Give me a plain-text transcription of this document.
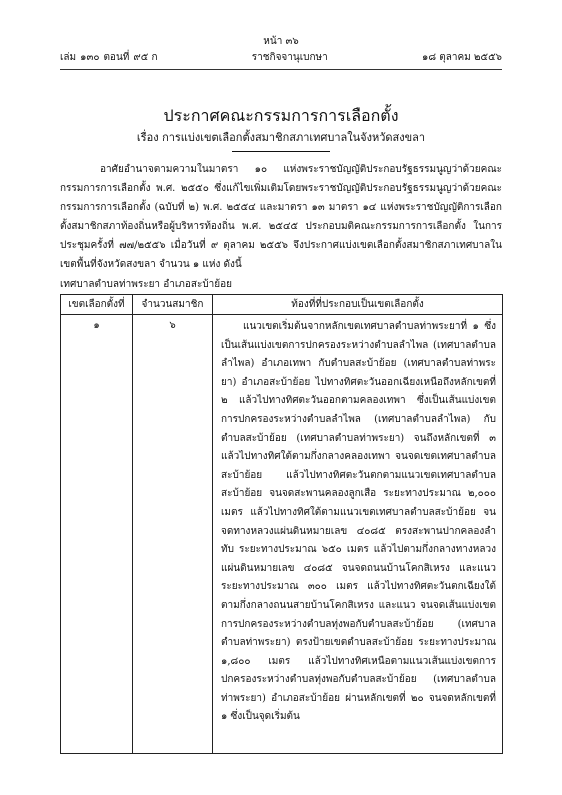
หน้า ๓๖
เล่ม ๑๓๐ ตอนที่ ๙๕ ก	ราชกิจจานุเบกษา	๑๘ ตุลาคม ๒๕๕๖
ประกาศคณะกรรมการการเลือกตั้ง
เรื่อง การแบ่งเขตเลือกตั้งสมาชิกสภาเทศบาลในจังหวัดสงขลา

อาศัยอำนาจตามความในมาตรา ๑๐ แห่งพระราชบัญญัติประกอบรัฐธรรมนูญว่าด้วยคณะกรรมการการเลือกตั้ง พ.ศ. ๒๕๕๐ ซึ่งแก้ไขเพิ่มเติมโดยพระราชบัญญัติประกอบรัฐธรรมนูญว่าด้วยคณะกรรมการการเลือกตั้ง (ฉบับที่ ๒) พ.ศ. ๒๕๕๔ และมาตรา ๑๓ มาตรา ๑๔ แห่งพระราชบัญญัติการเลือกตั้งสมาชิกสภาท้องถิ่นหรือผู้บริหารท้องถิ่น พ.ศ. ๒๕๔๕ ประกอบมติคณะกรรมการการเลือกตั้ง ในการประชุมครั้งที่ ๗๗/๒๕๕๖ เมื่อวันที่ ๙ ตุลาคม ๒๕๕๖ จึงประกาศแบ่งเขตเลือกตั้งสมาชิกสภาเทศบาลในเขตพื้นที่จังหวัดสงขลา จำนวน ๑ แห่ง ดังนี้

เทศบาลตำบลท่าพระยา อำเภอสะบ้าย้อย
เขตเลือกตั้งที่	จำนวนสมาชิก	ท้องที่ที่ประกอบเป็นเขตเลือกตั้ง
๑	๖	แนวเขตเริ่มต้นจากหลักเขตเทศบาลตำบลท่าพระยาที่ ๑ ซึ่งเป็นเส้นแบ่งเขตการปกครองระหว่างตำบลลำไพล (เทศบาลตำบลลำไพล) อำเภอเทพา กับตำบลสะบ้าย้อย (เทศบาลตำบลท่าพระยา) อำเภอสะบ้าย้อย ไปทางทิศตะวันออกเฉียงเหนือถึงหลักเขตที่ ๒ แล้วไปทางทิศตะวันออกตามคลองเทพา ซึ่งเป็นเส้นแบ่งเขตการปกครองระหว่างตำบลลำไพล (เทศบาลตำบลลำไพล) กับตำบลสะบ้าย้อย (เทศบาลตำบลท่าพระยา) จนถึงหลักเขตที่ ๓ แล้วไปทางทิศใต้ตามกึ่งกลางคลองเทพา จนจดเขตเทศบาลตำบลสะบ้าย้อย แล้วไปทางทิศตะวันตกตามแนวเขตเทศบาลตำบลสะบ้าย้อย จนจดสะพานคลองลูกเสือ ระยะทางประมาณ ๒,๐๐๐ เมตร แล้วไปทางทิศใต้ตามแนวเขตเทศบาลตำบลสะบ้าย้อย จนจดทางหลวงแผ่นดินหมายเลข ๔๐๘๕ ตรงสะพานปากคลองลำทับ ระยะทางประมาณ ๖๕๐ เมตร แล้วไปตามกึ่งกลางทางหลวงแผ่นดินหมายเลข ๔๐๘๕ จนจดถนนบ้านโคกสิเหรง และแนวระยะทางประมาณ ๓๐๐ เมตร แล้วไปทางทิศตะวันตกเฉียงใต้ตามกึ่งกลางถนนสายบ้านโคกสิเหรง และแนว จนจดเส้นแบ่งเขตการปกครองระหว่างตำบลทุ่งพอกับตำบลสะบ้าย้อย (เทศบาลตำบลท่าพระยา) ตรงป้ายเขตตำบลสะบ้าย้อย ระยะทางประมาณ ๑,๘๐๐ เมตร แล้วไปทางทิศเหนือตามแนวเส้นแบ่งเขตการปกครองระหว่างตำบลทุ่งพอกับตำบลสะบ้าย้อย (เทศบาลตำบลท่าพระยา) อำเภอสะบ้าย้อย ผ่านหลักเขตที่ ๒๐ จนจดหลักเขตที่ ๑ ซึ่งเป็นจุดเริ่มต้น
